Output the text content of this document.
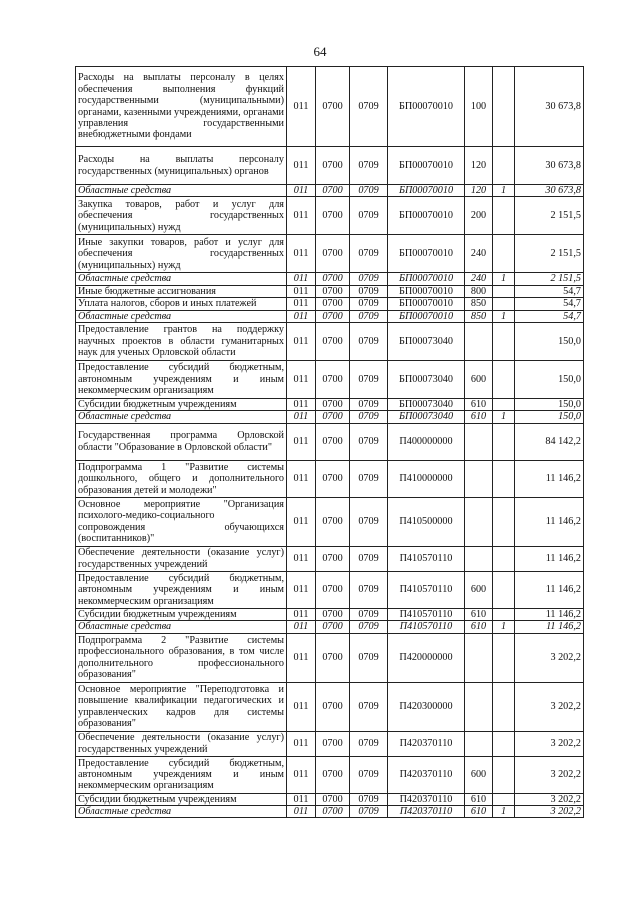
64
Расходы на выплаты персоналу в целях обеспечения выполнения функций государственными (муниципальными) органами, казенными учреждениями, органами управления государственными внебюджетными фондами	011	0700	0709	БП00070010	100		30 673,8
Расходы на выплаты персоналу государственных (муниципальных) органов	011	0700	0709	БП00070010	120		30 673,8
Областные средства	011	0700	0709	БП00070010	120	1	30 673,8
Закупка товаров, работ и услуг для обеспечения государственных (муниципальных) нужд	011	0700	0709	БП00070010	200		2 151,5
Иные закупки товаров, работ и услуг для обеспечения государственных (муниципальных) нужд	011	0700	0709	БП00070010	240		2 151,5
Областные средства	011	0700	0709	БП00070010	240	1	2 151,5
Иные бюджетные ассигнования	011	0700	0709	БП00070010	800		54,7
Уплата налогов, сборов и иных платежей	011	0700	0709	БП00070010	850		54,7
Областные средства	011	0700	0709	БП00070010	850	1	54,7
Предоставление грантов на поддержку научных проектов в области гуманитарных наук для ученых Орловской области	011	0700	0709	БП00073040			150,0
Предоставление субсидий бюджетным, автономным учреждениям и иным некоммерческим организациям	011	0700	0709	БП00073040	600		150,0
Субсидии бюджетным учреждениям	011	0700	0709	БП00073040	610		150,0
Областные средства	011	0700	0709	БП00073040	610	1	150,0
Государственная программа Орловской области "Образование в Орловской области"	011	0700	0709	П400000000			84 142,2
Подпрограмма 1 "Развитие системы дошкольного, общего и дополнительного образования детей и молодежи"	011	0700	0709	П410000000			11 146,2
Основное мероприятие "Организация психолого-медико-социального сопровождения обучающихся (воспитанников)"	011	0700	0709	П410500000			11 146,2
Обеспечение деятельности (оказание услуг) государственных учреждений	011	0700	0709	П410570110			11 146,2
Предоставление субсидий бюджетным, автономным учреждениям и иным некоммерческим организациям	011	0700	0709	П410570110	600		11 146,2
Субсидии бюджетным учреждениям	011	0700	0709	П410570110	610		11 146,2
Областные средства	011	0700	0709	П410570110	610	1	11 146,2
Подпрограмма 2 "Развитие системы профессионального образования, в том числе дополнительного профессионального образования"	011	0700	0709	П420000000			3 202,2
Основное мероприятие "Переподготовка и повышение квалификации педагогических и управленческих кадров для системы образования"	011	0700	0709	П420300000			3 202,2
Обеспечение деятельности (оказание услуг) государственных учреждений	011	0700	0709	П420370110			3 202,2
Предоставление субсидий бюджетным, автономным учреждениям и иным некоммерческим организациям	011	0700	0709	П420370110	600		3 202,2
Субсидии бюджетным учреждениям	011	0700	0709	П420370110	610		3 202,2
Областные средства	011	0700	0709	П420370110	610	1	3 202,2
